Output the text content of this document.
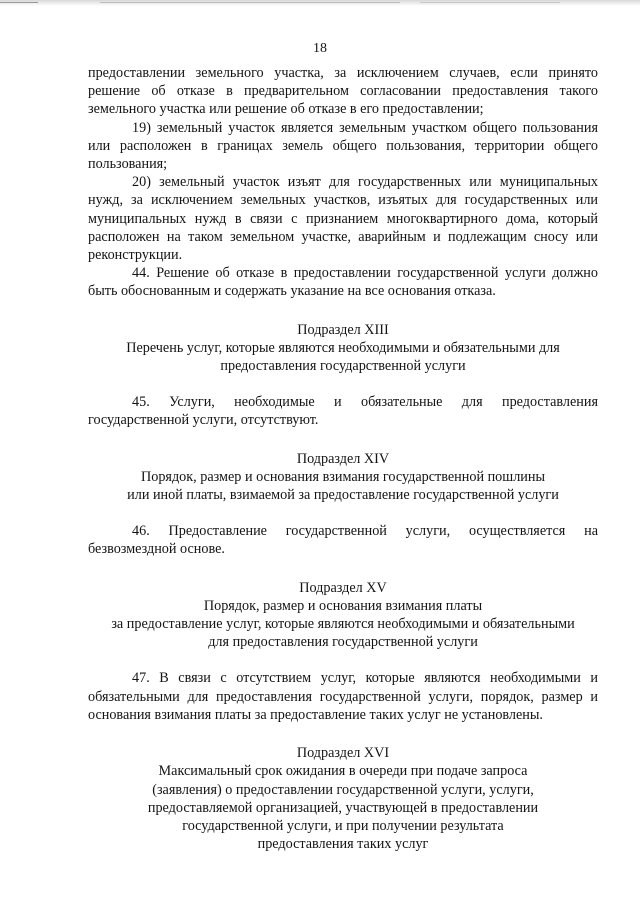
18

предоставлении земельного участка, за исключением случаев, если принято решение об отказе в предварительном согласовании предоставления такого земельного участка или решение об отказе в его предоставлении;

19) земельный участок является земельным участком общего пользования или расположен в границах земель общего пользования, территории общего пользования;

20) земельный участок изъят для государственных или муниципальных нужд, за исключением земельных участков, изъятых для государственных или муниципальных нужд в связи с признанием многоквартирного дома, который расположен на таком земельном участке, аварийным и подлежащим сносу или реконструкции.

44. Решение об отказе в предоставлении государственной услуги должно быть обоснованным и содержать указание на все основания отказа.

Подраздел XIII
Перечень услуг, которые являются необходимыми и обязательными для
предоставления государственной услуги

45. Услуги, необходимые и обязательные для предоставления государственной услуги, отсутствуют.

Подраздел XIV
Порядок, размер и основания взимания государственной пошлины
или иной платы, взимаемой за предоставление государственной услуги

46. Предоставление государственной услуги, осуществляется на безвозмездной основе.

Подраздел XV
Порядок, размер и основания взимания платы
за предоставление услуг, которые являются необходимыми и обязательными
для предоставления государственной услуги

47. В связи с отсутствием услуг, которые являются необходимыми и обязательными для предоставления государственной услуги, порядок, размер и основания взимания платы за предоставление таких услуг не установлены.

Подраздел XVI
Максимальный срок ожидания в очереди при подаче запроса
(заявления) о предоставлении государственной услуги, услуги,
предоставляемой организацией, участвующей в предоставлении
государственной услуги, и при получении результата
предоставления таких услуг
